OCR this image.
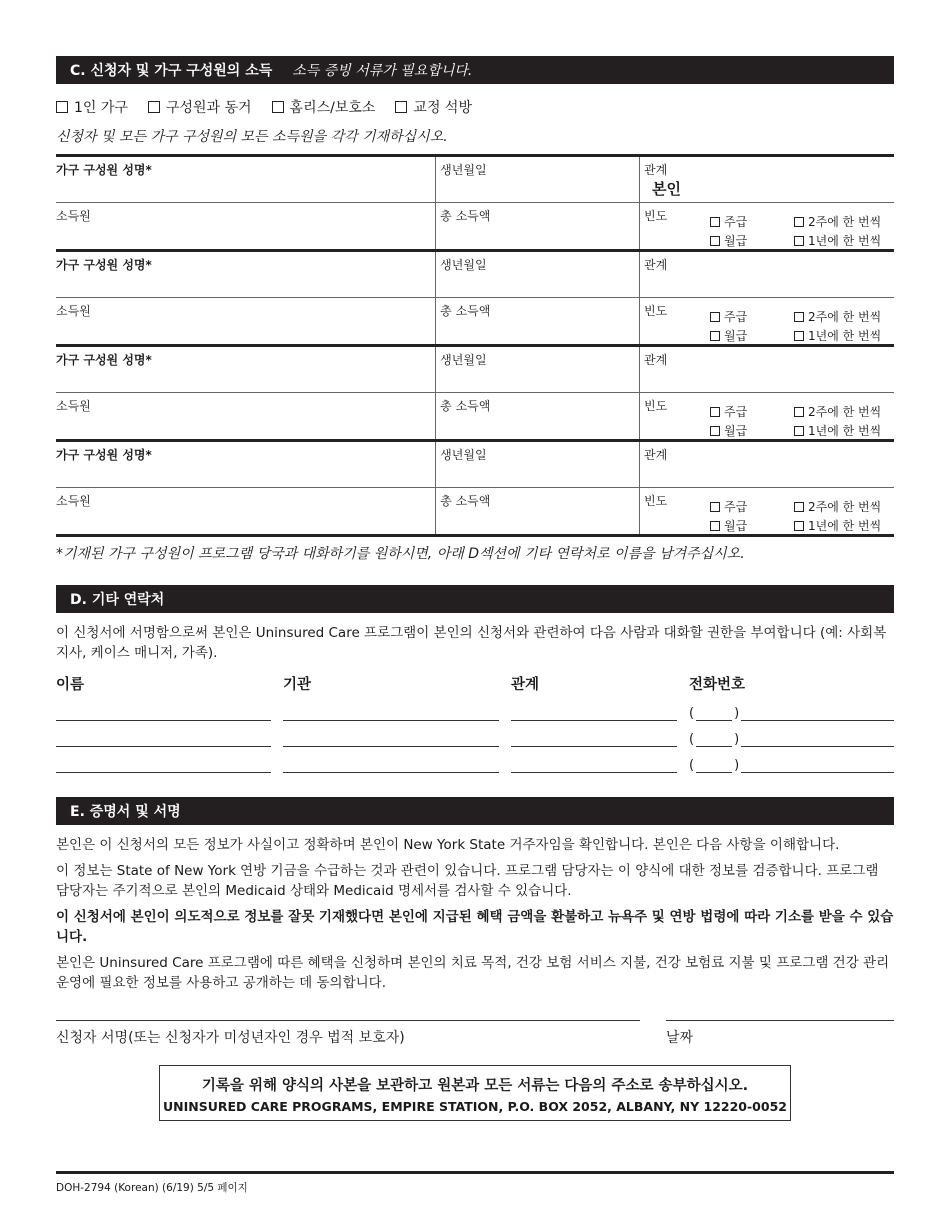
C. 신청자 및 가구 구성원의 소득 소득 증빙 서류가 필요합니다.
1인 가구	구성원과 동거	홈리스/보호소	교정 석방
신청자 및 모든 가구 구성원의 모든 소득원을 각각 기재하십시오.
가구 구성원 성명*	생년월일	관계
본인

소득원	총 소득액	빈도 주급 2주에 한 번씩
월급 1년에 한 번씩

가구 구성원 성명*	생년월일	관계
소득원	총 소득액	빈도 주급 2주에 한 번씩
월급 1년에 한 번씩

가구 구성원 성명*	생년월일	관계
소득원	총 소득액	빈도 주급 2주에 한 번씩
월급 1년에 한 번씩

가구 구성원 성명*	생년월일	관계
소득원	총 소득액	빈도 주급 2주에 한 번씩
월급 1년에 한 번씩
*기재된 가구 구성원이 프로그램 당국과 대화하기를 원하시면, 아래 D섹션에 기타 연락처로 이름을 남겨주십시오.
D. 기타 연락처
이 신청서에 서명함으로써 본인은 Uninsured Care 프로그램이 본인의 신청서와 관련하여 다음 사람과 대화할 권한을 부여합니다 (예: 사회복지사, 케이스 매니저, 가족).
이름	기관	관계	전화번호
(	)
(	)
(	)
E. 증명서 및 서명
본인은 이 신청서의 모든 정보가 사실이고 정확하며 본인이 New York State 거주자임을 확인합니다. 본인은 다음 사항을 이해합니다.
이 정보는 State of New York 연방 기금을 수급하는 것과 관련이 있습니다. 프로그램 담당자는 이 양식에 대한 정보를 검증합니다. 프로그램 담당자는 주기적으로 본인의 Medicaid 상태와 Medicaid 명세서를 검사할 수 있습니다.
이 신청서에 본인이 의도적으로 정보를 잘못 기재했다면 본인에 지급된 혜택 금액을 환불하고 뉴욕주 및 연방 법령에 따라 기소를 받을 수 있습니다.
본인은 Uninsured Care 프로그램에 따른 혜택을 신청하며 본인의 치료 목적, 건강 보험 서비스 지불, 건강 보험료 지불 및 프로그램 건강 관리 운영에 필요한 정보를 사용하고 공개하는 데 동의합니다.
신청자 서명(또는 신청자가 미성년자인 경우 법적 보호자)	날짜
기록을 위해 양식의 사본을 보관하고 원본과 모든 서류는 다음의 주소로 송부하십시오.
UNINSURED CARE PROGRAMS, EMPIRE STATION, P.O. BOX 2052, ALBANY, NY 12220-0052
DOH-2794 (Korean) (6/19) 5/5 페이지
